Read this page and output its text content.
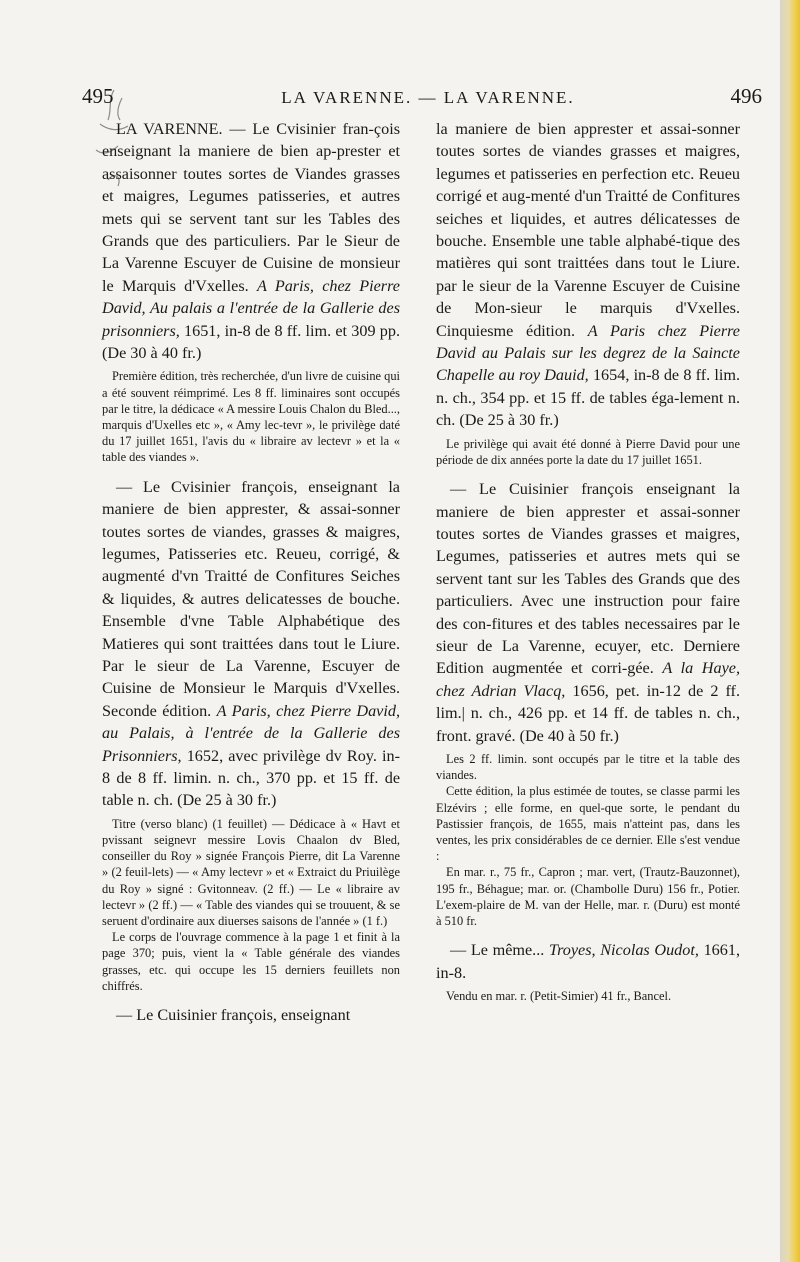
495	LA VARENNE. — LA VARENNE.	496

LA VARENNE. — Le Cvisinier fran-çois enseignant la maniere de bien ap-prester et assaisonner toutes sortes de Viandes grasses et maigres, Legumes patisseries, et autres mets qui se servent tant sur les Tables des Grands que des particuliers. Par le Sieur de La Varenne Escuyer de Cuisine de monsieur le Marquis d'Vxelles. A Paris, chez Pierre David, Au palais a l'entrée de la Gallerie des prisonniers, 1651, in-8 de 8 ff. lim. et 309 pp. (De 30 à 40 fr.)

Première édition, très recherchée, d'un livre de cuisine qui a été souvent réimprimé. Les 8 ff. liminaires sont occupés par le titre, la dédicace « A messire Louis Chalon du Bled..., marquis d'Uxelles etc », « Amy lec-tevr », le privilège daté du 17 juillet 1651, l'avis du « libraire av lectevr » et la « table des viandes ».

— Le Cvisinier françois, enseignant la maniere de bien apprester, & assai-sonner toutes sortes de viandes, grasses & maigres, legumes, Patisseries etc. Reueu, corrigé, & augmenté d'vn Traitté de Confitures Seiches & liquides, & autres delicatesses de bouche. Ensemble d'vne Table Alphabétique des Matieres qui sont traittées dans tout le Liure. Par le sieur de La Varenne, Escuyer de Cuisine de Monsieur le Marquis d'Vxelles. Seconde édition. A Paris, chez Pierre David, au Palais, à l'entrée de la Gallerie des Prisonniers, 1652, avec privilège dv Roy. in-8 de 8 ff. limin. n. ch., 370 pp. et 15 ff. de table n. ch. (De 25 à 30 fr.)

Titre (verso blanc) (1 feuillet) — Dédicace à « Havt et pvissant seignevr messire Lovis Chaalon dv Bled, conseiller du Roy » signée François Pierre, dit La Varenne » (2 feuil-lets) — « Amy lectevr » et « Extraict du Priuilège du Roy » signé : Gvitonneav. (2 ff.) — Le « libraire av lectevr » (2 ff.) — « Table des viandes qui se trouuent, & se seruent d'ordinaire aux diuerses saisons de l'année » (1 f.)

Le corps de l'ouvrage commence à la page 1 et finit à la page 370; puis, vient la « Table générale des viandes grasses, etc. qui occupe les 15 derniers feuillets non chiffrés.

— Le Cuisinier françois, enseignant

la maniere de bien apprester et assai-sonner toutes sortes de viandes grasses et maigres, legumes et patisseries en perfection etc. Reueu corrigé et aug-menté d'un Traitté de Confitures seiches et liquides, et autres délicatesses de bouche. Ensemble une table alphabé-tique des matières qui sont traittées dans tout le Liure. par le sieur de la Varenne Escuyer de Cuisine de Mon-sieur le marquis d'Vxelles. Cinquiesme édition. A Paris chez Pierre David au Palais sur les degrez de la Saincte Chapelle au roy Dauid, 1654, in-8 de 8 ff. lim. n. ch., 354 pp. et 15 ff. de tables éga-lement n. ch. (De 25 à 30 fr.)

Le privilège qui avait été donné à Pierre David pour une période de dix années porte la date du 17 juillet 1651.

— Le Cuisinier françois enseignant la maniere de bien apprester et assai-sonner toutes sortes de Viandes grasses et maigres, Legumes, patisseries et autres mets qui se servent tant sur les Tables des Grands que des particuliers. Avec une instruction pour faire des con-fitures et des tables necessaires par le sieur de La Varenne, ecuyer, etc. Derniere Edition augmentée et corri-gée. A la Haye, chez Adrian Vlacq, 1656, pet. in-12 de 2 ff. lim.| n. ch., 426 pp. et 14 ff. de tables n. ch., front. gravé. (De 40 à 50 fr.)

Les 2 ff. limin. sont occupés par le titre et la table des viandes.

Cette édition, la plus estimée de toutes, se classe parmi les Elzévirs ; elle forme, en quel-que sorte, le pendant du Pastissier françois, de 1655, mais n'atteint pas, dans les ventes, les prix considérables de ce dernier. Elle s'est vendue :

En mar. r., 75 fr., Capron ; mar. vert, (Trautz-Bauzonnet), 195 fr., Béhague; mar. or. (Chambolle Duru) 156 fr., Potier. L'exem-plaire de M. van der Helle, mar. r. (Duru) est monté à 510 fr.

— Le même... Troyes, Nicolas Oudot, 1661, in-8.

Vendu en mar. r. (Petit-Simier) 41 fr., Bancel.
